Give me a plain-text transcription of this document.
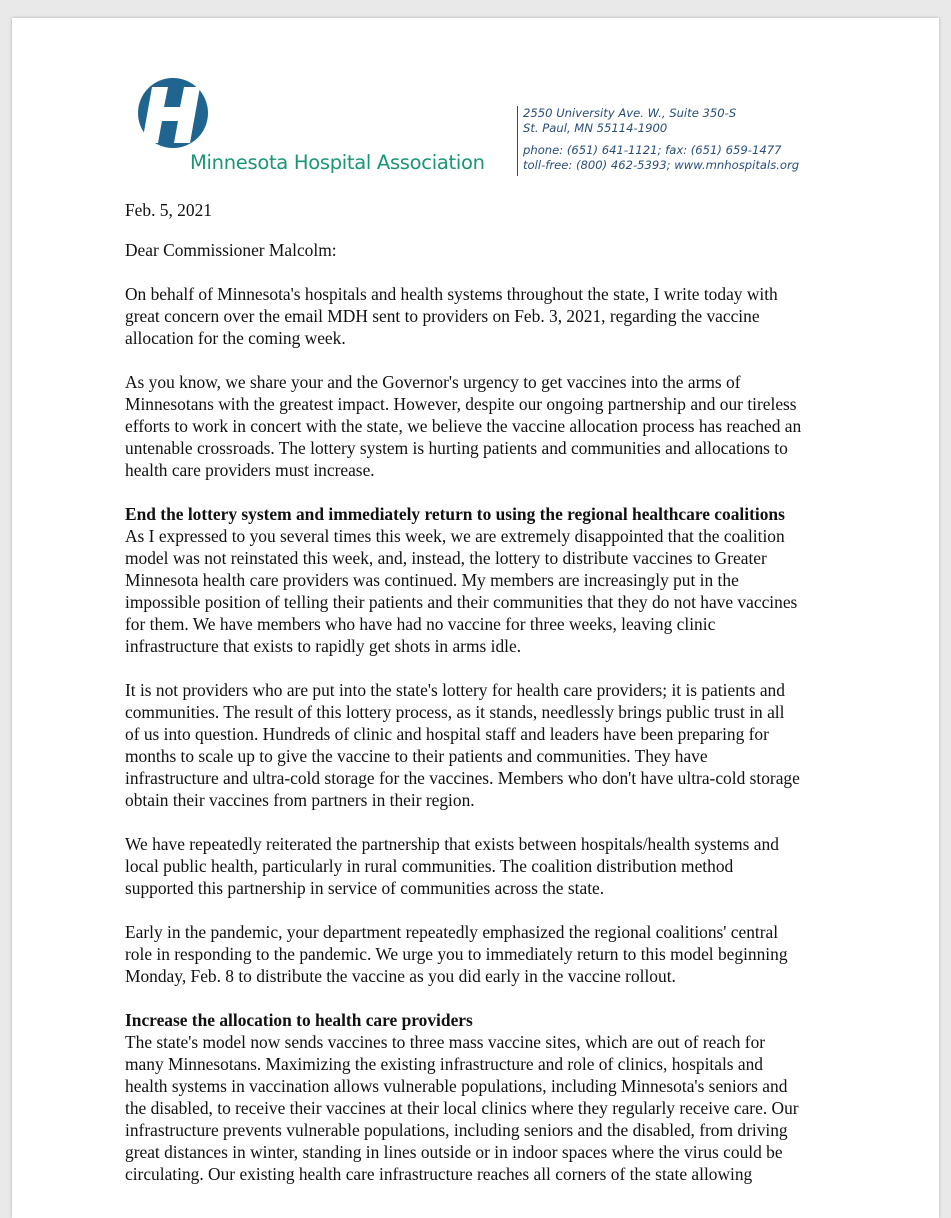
Minnesota Hospital Association
2550 University Ave. W., Suite 350-S
St. Paul, MN 55114-1900
phone: (651) 641-1121; fax: (651) 659-1477
toll-free: (800) 462-5393; www.mnhospitals.org
Feb. 5, 2021
Dear Commissioner Malcolm:
On behalf of Minnesota's hospitals and health systems throughout the state, I write today with
great concern over the email MDH sent to providers on Feb. 3, 2021, regarding the vaccine
allocation for the coming week.
As you know, we share your and the Governor's urgency to get vaccines into the arms of
Minnesotans with the greatest impact. However, despite our ongoing partnership and our tireless
efforts to work in concert with the state, we believe the vaccine allocation process has reached an
untenable crossroads. The lottery system is hurting patients and communities and allocations to
health care providers must increase.
End the lottery system and immediately return to using the regional healthcare coalitions
As I expressed to you several times this week, we are extremely disappointed that the coalition
model was not reinstated this week, and, instead, the lottery to distribute vaccines to Greater
Minnesota health care providers was continued. My members are increasingly put in the
impossible position of telling their patients and their communities that they do not have vaccines
for them. We have members who have had no vaccine for three weeks, leaving clinic
infrastructure that exists to rapidly get shots in arms idle.
It is not providers who are put into the state's lottery for health care providers; it is patients and
communities. The result of this lottery process, as it stands, needlessly brings public trust in all
of us into question. Hundreds of clinic and hospital staff and leaders have been preparing for
months to scale up to give the vaccine to their patients and communities. They have
infrastructure and ultra-cold storage for the vaccines. Members who don't have ultra-cold storage
obtain their vaccines from partners in their region.
We have repeatedly reiterated the partnership that exists between hospitals/health systems and
local public health, particularly in rural communities. The coalition distribution method
supported this partnership in service of communities across the state.
Early in the pandemic, your department repeatedly emphasized the regional coalitions' central
role in responding to the pandemic. We urge you to immediately return to this model beginning
Monday, Feb. 8 to distribute the vaccine as you did early in the vaccine rollout.
Increase the allocation to health care providers
The state's model now sends vaccines to three mass vaccine sites, which are out of reach for
many Minnesotans. Maximizing the existing infrastructure and role of clinics, hospitals and
health systems in vaccination allows vulnerable populations, including Minnesota's seniors and
the disabled, to receive their vaccines at their local clinics where they regularly receive care. Our
infrastructure prevents vulnerable populations, including seniors and the disabled, from driving
great distances in winter, standing in lines outside or in indoor spaces where the virus could be
circulating. Our existing health care infrastructure reaches all corners of the state allowing
